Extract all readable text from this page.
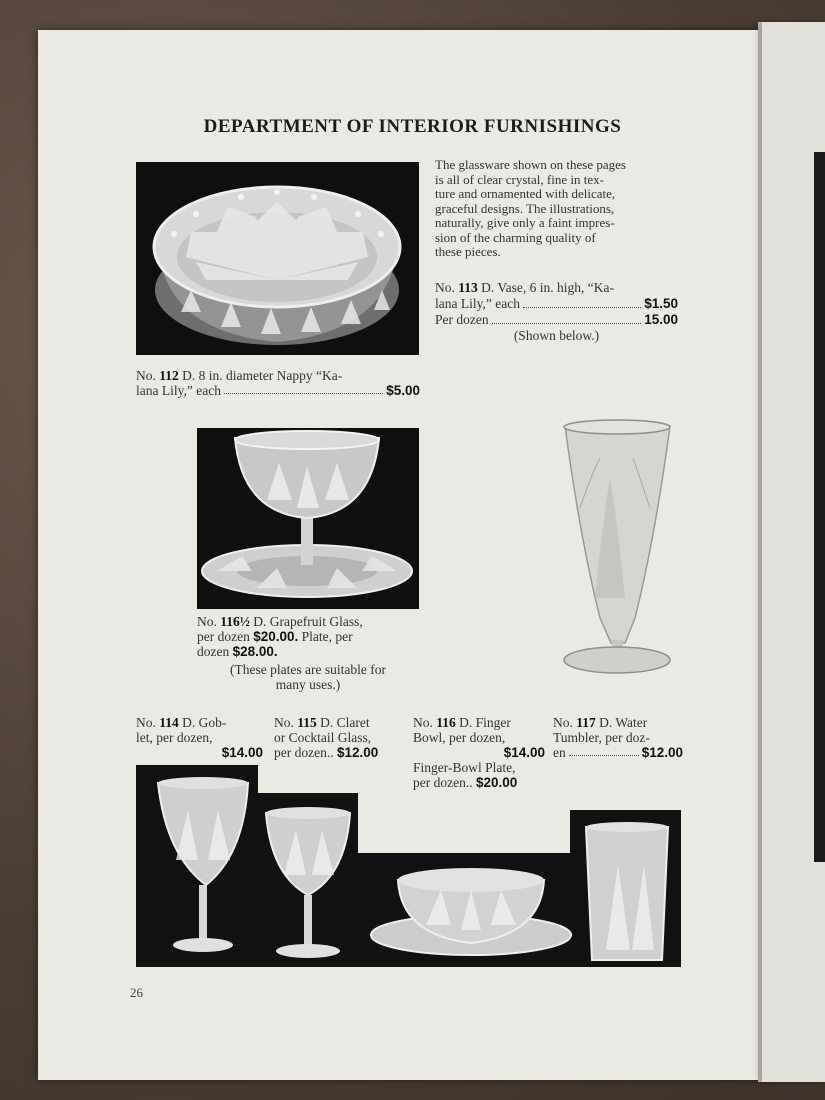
DEPARTMENT OF INTERIOR FURNISHINGS
The glassware shown on these pages
is all of clear crystal, fine in tex-
ture and ornamented with delicate,
graceful designs. The illustrations,
naturally, give only a faint impres-
sion of the charming quality of
these pieces.
No. 113 D. Vase, 6 in. high, “Ka-
lana Lily,” each	$1.50
Per dozen	15.00
(Shown below.)
No. 112 D. 8 in. diameter Nappy “Ka-
lana Lily,” each	$5.00
No. 116½ D. Grapefruit Glass,
per dozen $20.00. Plate, per
dozen $28.00.
(These plates are suitable for
many uses.)
No. 114 D. Gob-
let, per dozen,
$14.00
No. 115 D. Claret
or Cocktail Glass,
per dozen.. $12.00
No. 116 D. Finger
Bowl, per dozen,
$14.00
Finger-Bowl Plate,
per dozen.. $20.00
No. 117 D. Water
Tumbler, per doz-
en	$12.00
26
